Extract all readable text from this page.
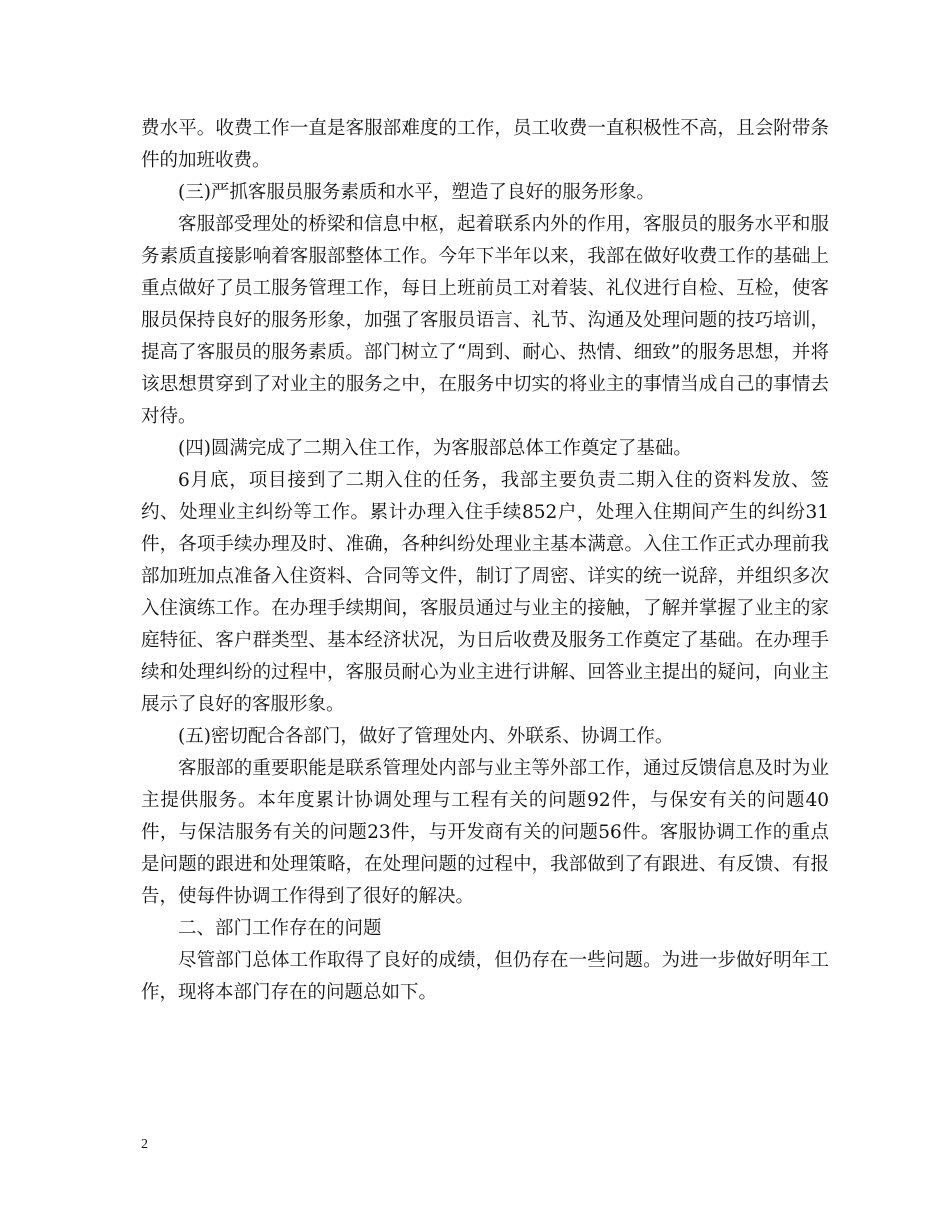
费水平。收费工作一直是客服部难度的工作，员工收费一直积极性不高，且会附带条件的加班收费。

(三)严抓客服员服务素质和水平，塑造了良好的服务形象。

客服部受理处的桥梁和信息中枢，起着联系内外的作用，客服员的服务水平和服务素质直接影响着客服部整体工作。今年下半年以来，我部在做好收费工作的基础上重点做好了员工服务管理工作，每日上班前员工对着装、礼仪进行自检、互检，使客服员保持良好的服务形象，加强了客服员语言、礼节、沟通及处理问题的技巧培训，提高了客服员的服务素质。部门树立了“周到、耐心、热情、细致”的服务思想，并将该思想贯穿到了对业主的服务之中，在服务中切实的将业主的事情当成自己的事情去对待。

(四)圆满完成了二期入住工作，为客服部总体工作奠定了基础。

6月底，项目接到了二期入住的任务，我部主要负责二期入住的资料发放、签约、处理业主纠纷等工作。累计办理入住手续852户，处理入住期间产生的纠纷31件，各项手续办理及时、准确，各种纠纷处理业主基本满意。入住工作正式办理前我部加班加点准备入住资料、合同等文件，制订了周密、详实的统一说辞，并组织多次入住演练工作。在办理手续期间，客服员通过与业主的接触，了解并掌握了业主的家庭特征、客户群类型、基本经济状况，为日后收费及服务工作奠定了基础。在办理手续和处理纠纷的过程中，客服员耐心为业主进行讲解、回答业主提出的疑问，向业主展示了良好的客服形象。

(五)密切配合各部门，做好了管理处内、外联系、协调工作。

客服部的重要职能是联系管理处内部与业主等外部工作，通过反馈信息及时为业主提供服务。本年度累计协调处理与工程有关的问题92件，与保安有关的问题40件，与保洁服务有关的问题23件，与开发商有关的问题56件。客服协调工作的重点是问题的跟进和处理策略，在处理问题的过程中，我部做到了有跟进、有反馈、有报告，使每件协调工作得到了很好的解决。

二、部门工作存在的问题

尽管部门总体工作取得了良好的成绩，但仍存在一些问题。为进一步做好明年工作，现将本部门存在的问题总如下。

2
